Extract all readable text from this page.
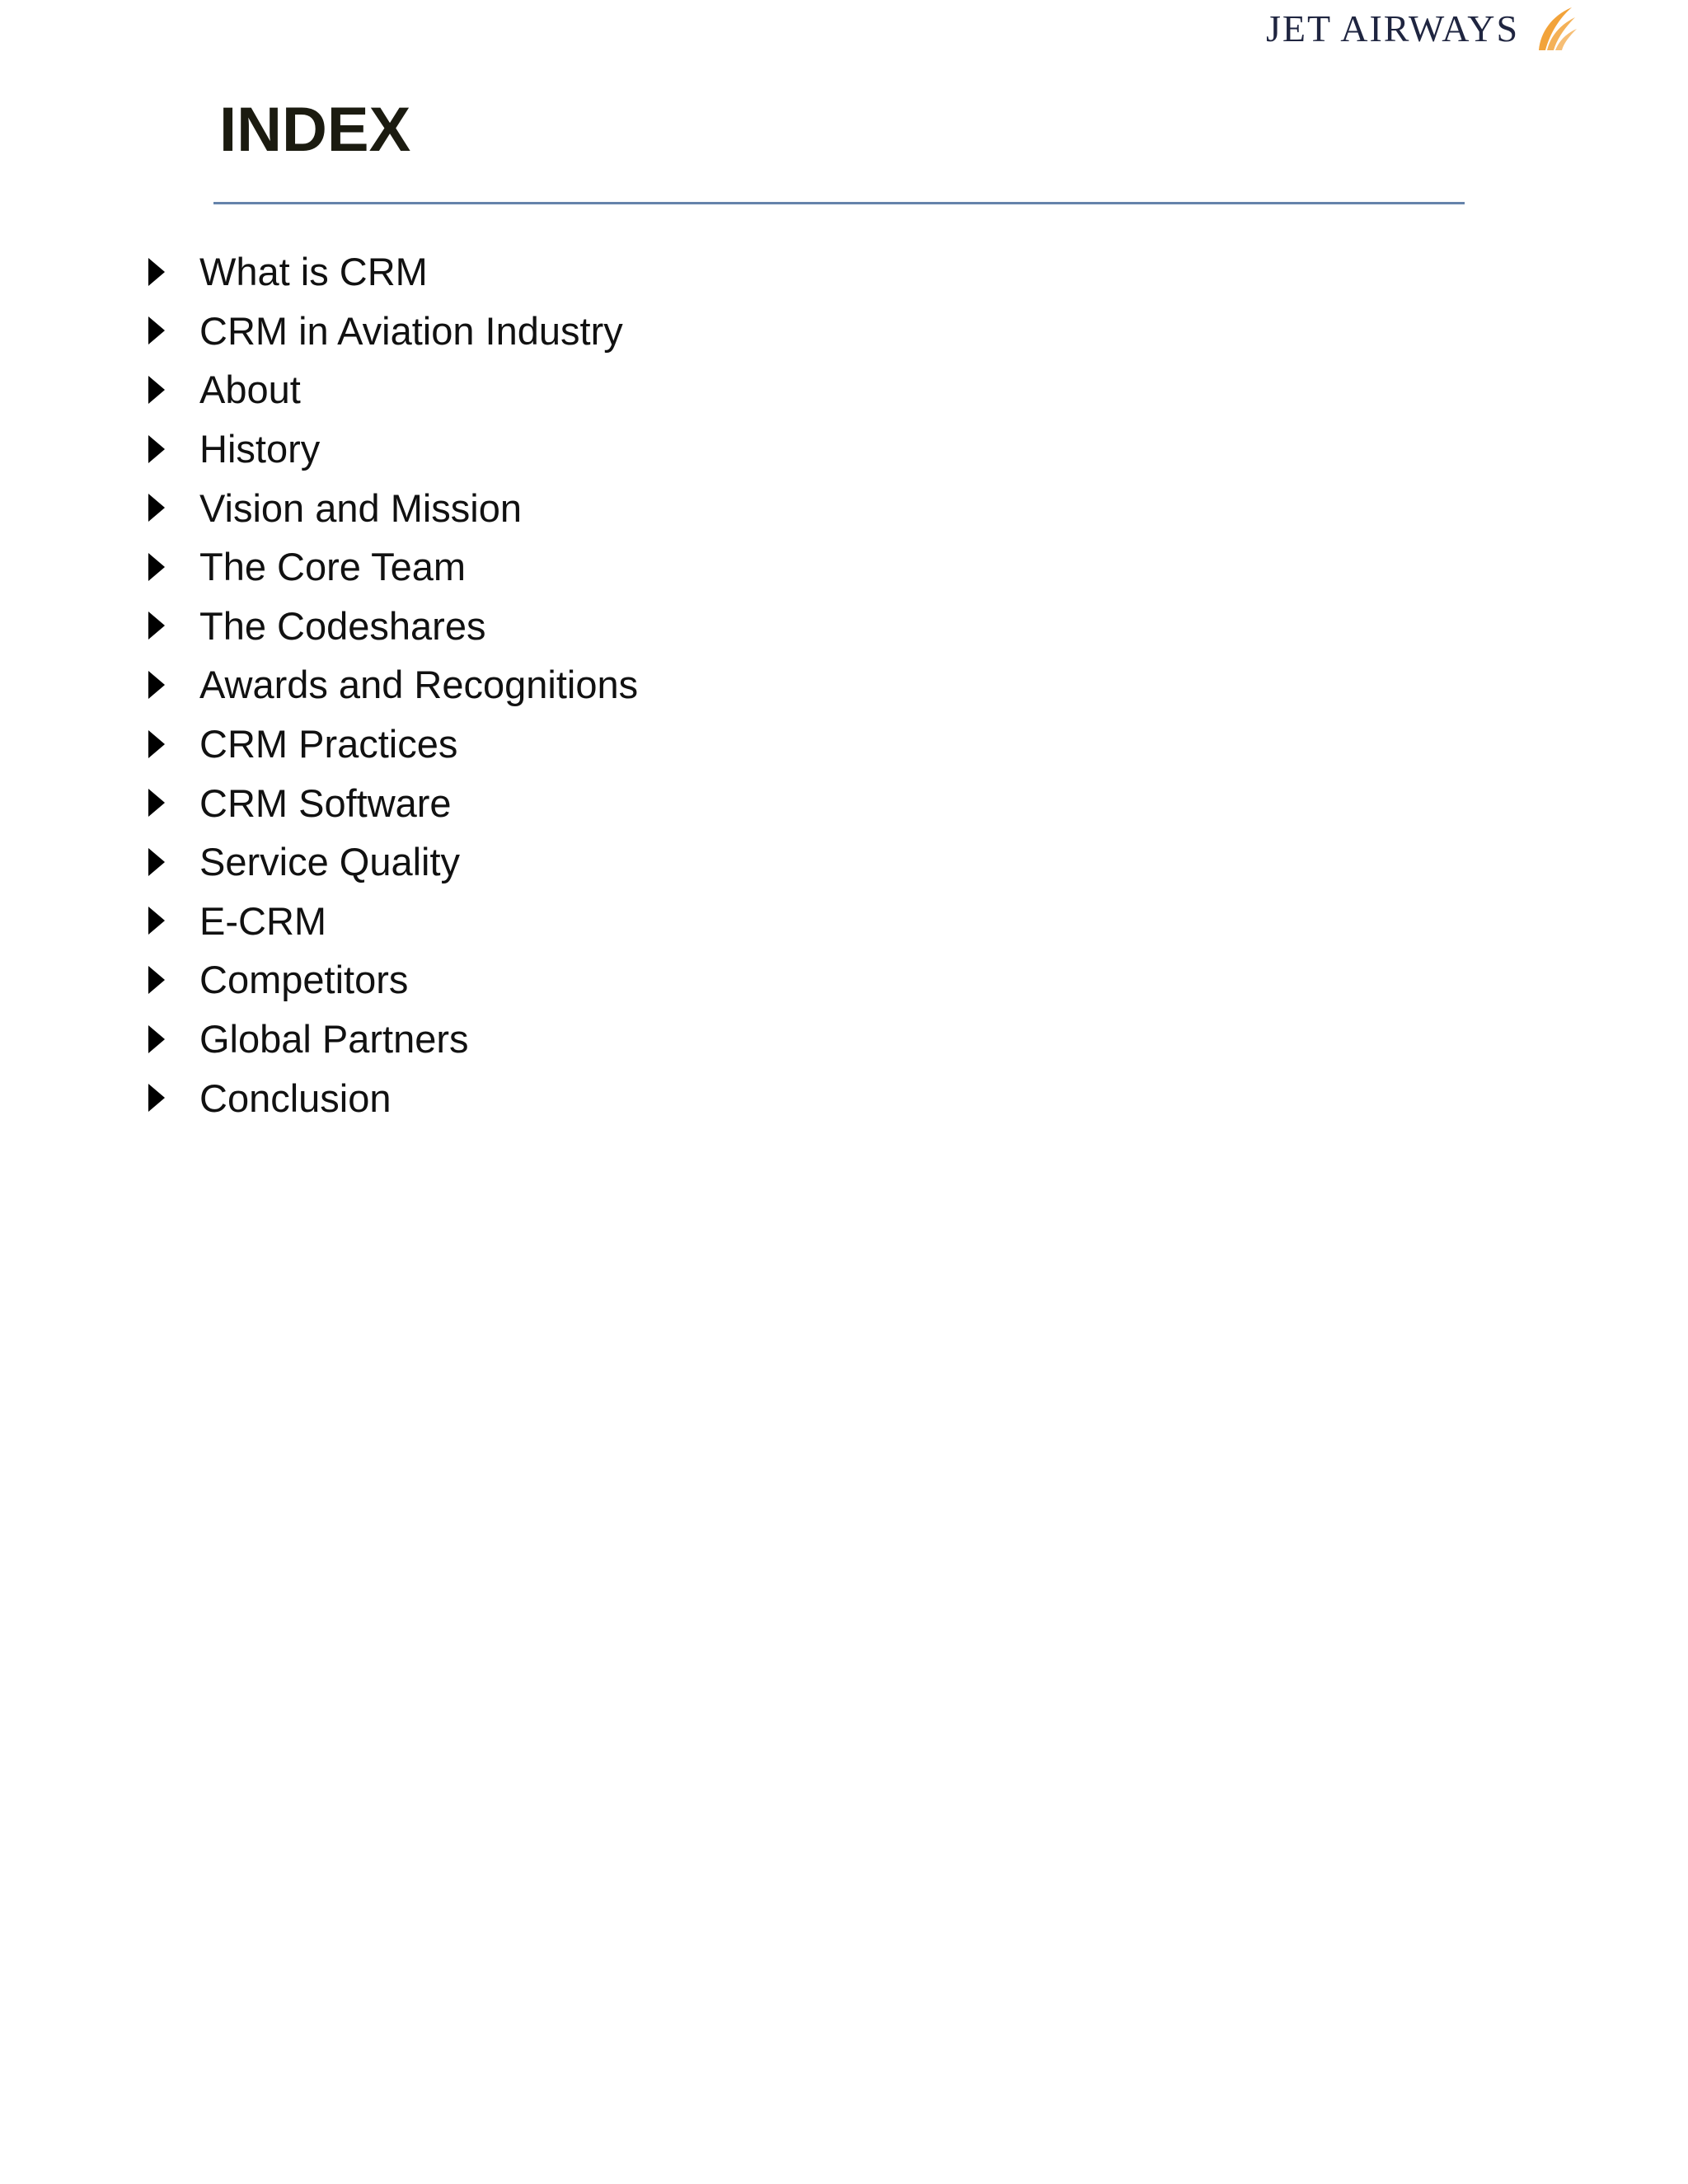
JET AIRWAYS
INDEX
What is CRM
CRM in Aviation Industry
About
History
Vision and Mission
The Core Team
The Codeshares
Awards and Recognitions
CRM Practices
CRM Software
Service Quality
E-CRM
Competitors
Global Partners
Conclusion
